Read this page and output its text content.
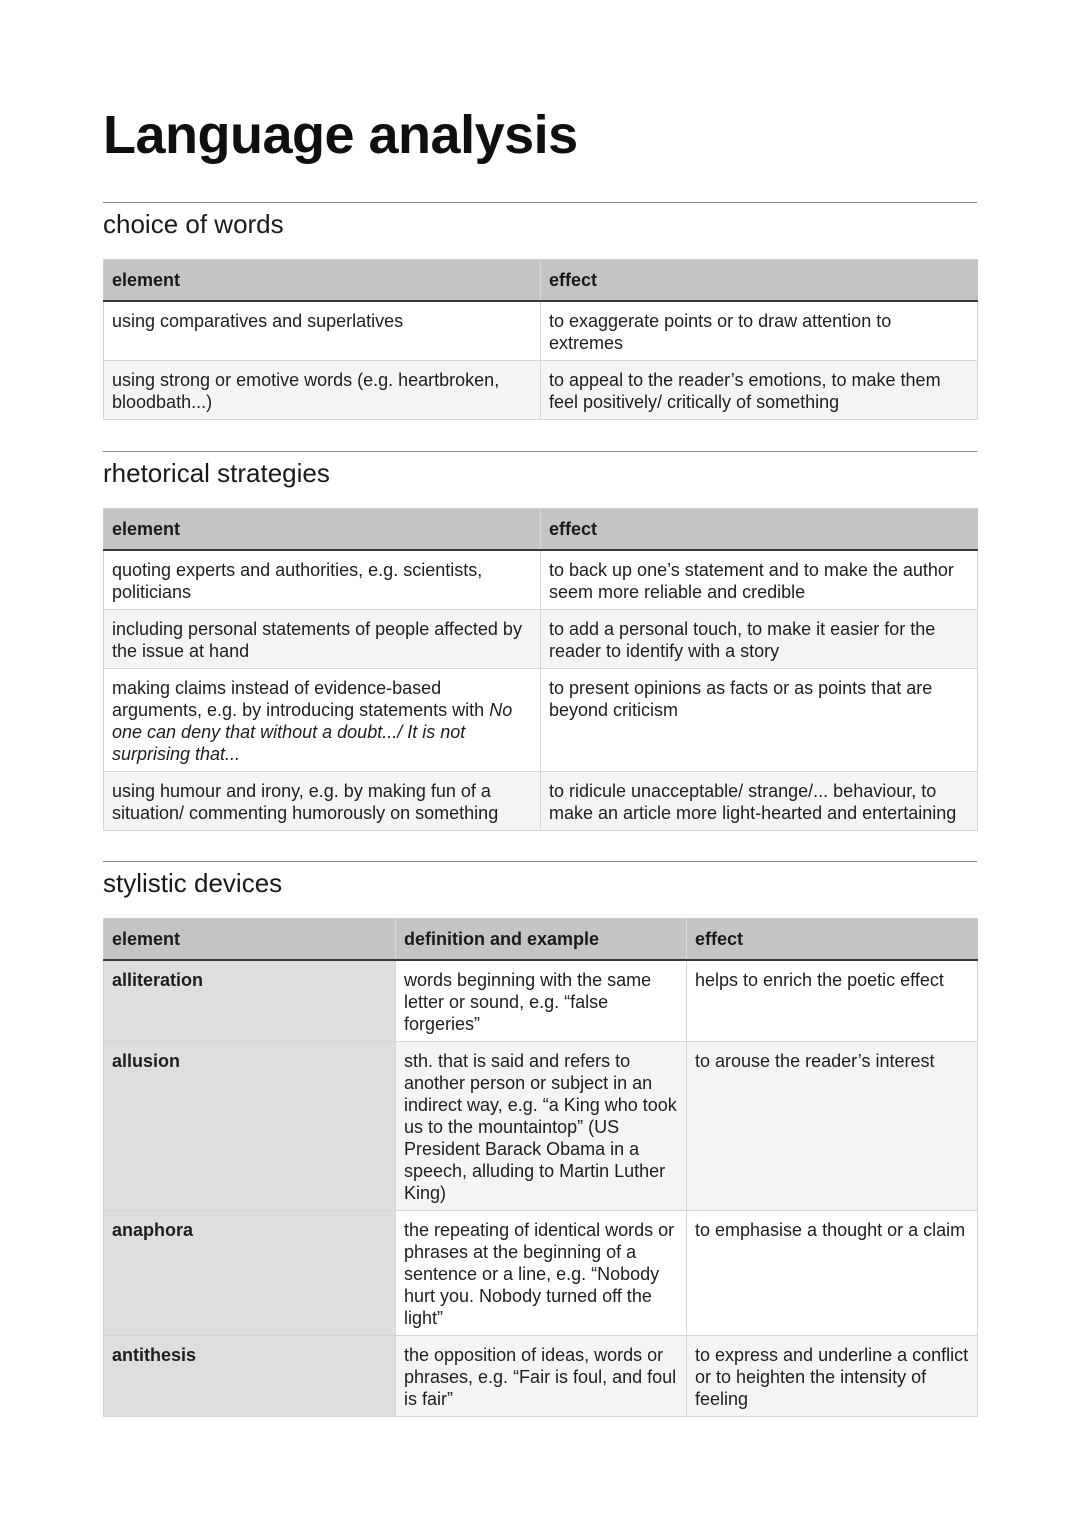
Language analysis
choice of words
element	effect
using comparatives and superlatives	to exaggerate points or to draw attention to extremes
using strong or emotive words (e.g. heartbroken, bloodbath...)	to appeal to the reader’s emotions, to make them feel positively/ critically of something
rhetorical strategies
element	effect
quoting experts and authorities, e.g. scientists, politicians	to back up one’s statement and to make the author seem more reliable and credible
including personal statements of people affected by the issue at hand	to add a personal touch, to make it easier for the reader to identify with a story
making claims instead of evidence-based arguments, e.g. by introducing statements with No one can deny that without a doubt.../ It is not surprising that...	to present opinions as facts or as points that are beyond criticism
using humour and irony, e.g. by making fun of a situation/ commenting humorously on something	to ridicule unacceptable/ strange/... behaviour, to make an article more light-hearted and entertaining
stylistic devices
element	definition and example	effect
alliteration	words beginning with the same letter or sound, e.g. “false forgeries”	helps to enrich the poetic effect
allusion	sth. that is said and refers to another person or subject in an indirect way, e.g. “a King who took us to the mountaintop” (US President Barack Obama in a speech, alluding to Martin Luther King)	to arouse the reader’s interest
anaphora	the repeating of identical words or phrases at the beginning of a sentence or a line, e.g. “Nobody hurt you. Nobody turned off the light”	to emphasise a thought or a claim
antithesis	the opposition of ideas, words or phrases, e.g. “Fair is foul, and foul is fair”	to express and underline a conflict or to heighten the intensity of feeling
